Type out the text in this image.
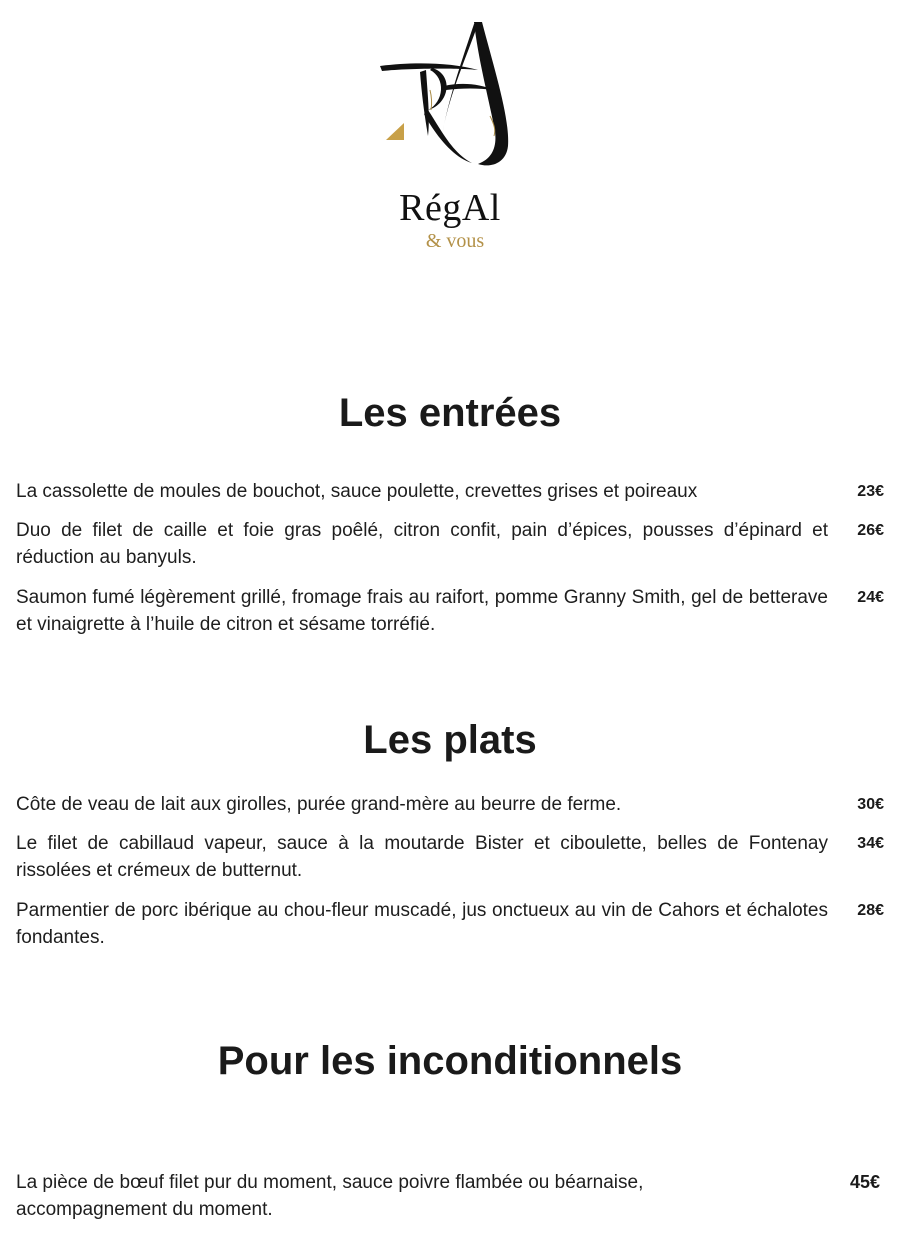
RégAl
& vous
Les entrées
La cassolette de moules de bouchot, sauce poulette, crevettes grises et poireaux	23€
Duo de filet de caille et foie gras poêlé, citron confit, pain d’épices, pousses d’épinard et réduction au banyuls.
26€
Saumon fumé légèrement grillé, fromage frais au raifort, pomme Granny Smith, gel de betterave et vinaigrette à l’huile de citron et sésame torréfié.
24€
Les plats
Côte de veau de lait aux girolles, purée grand-mère au beurre de ferme.	30€
Le filet de cabillaud vapeur, sauce à la moutarde Bister et ciboulette, belles de Fontenay rissolées et crémeux de butternut.
34€
Parmentier de porc ibérique au chou-fleur muscadé, jus onctueux au vin de Cahors et échalotes fondantes.
28€
Pour les inconditionnels
La pièce de bœuf filet pur du moment, sauce poivre flambée ou béarnaise,
accompagnement du moment.
45€
